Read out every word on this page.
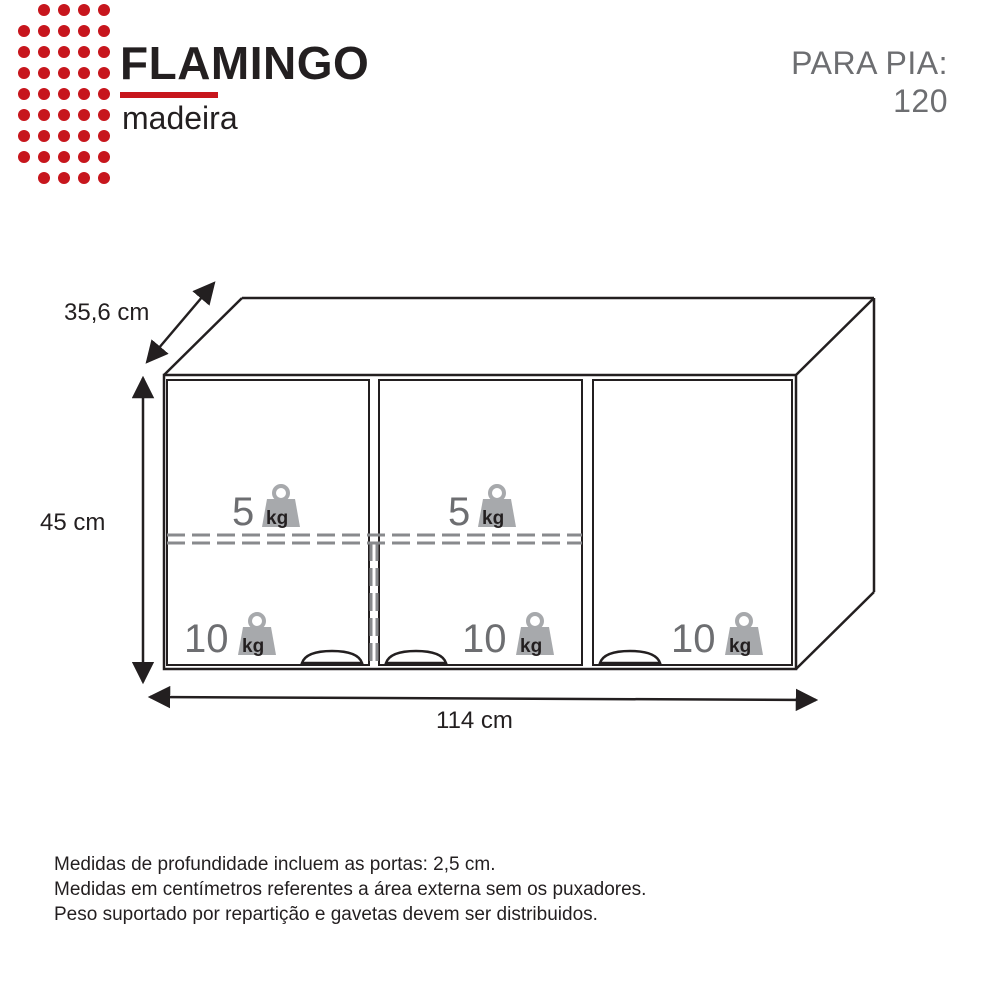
FLAMINGO
madeira
PARA PIA:
120
5 kg	5 kg
10 kg	10 kg	10 kg
35,6 cm
45 cm
114 cm
Medidas de profundidade incluem as portas: 2,5 cm.
Medidas em centímetros referentes a área externa sem os puxadores.
Peso suportado por repartição e gavetas devem ser distribuidos.
